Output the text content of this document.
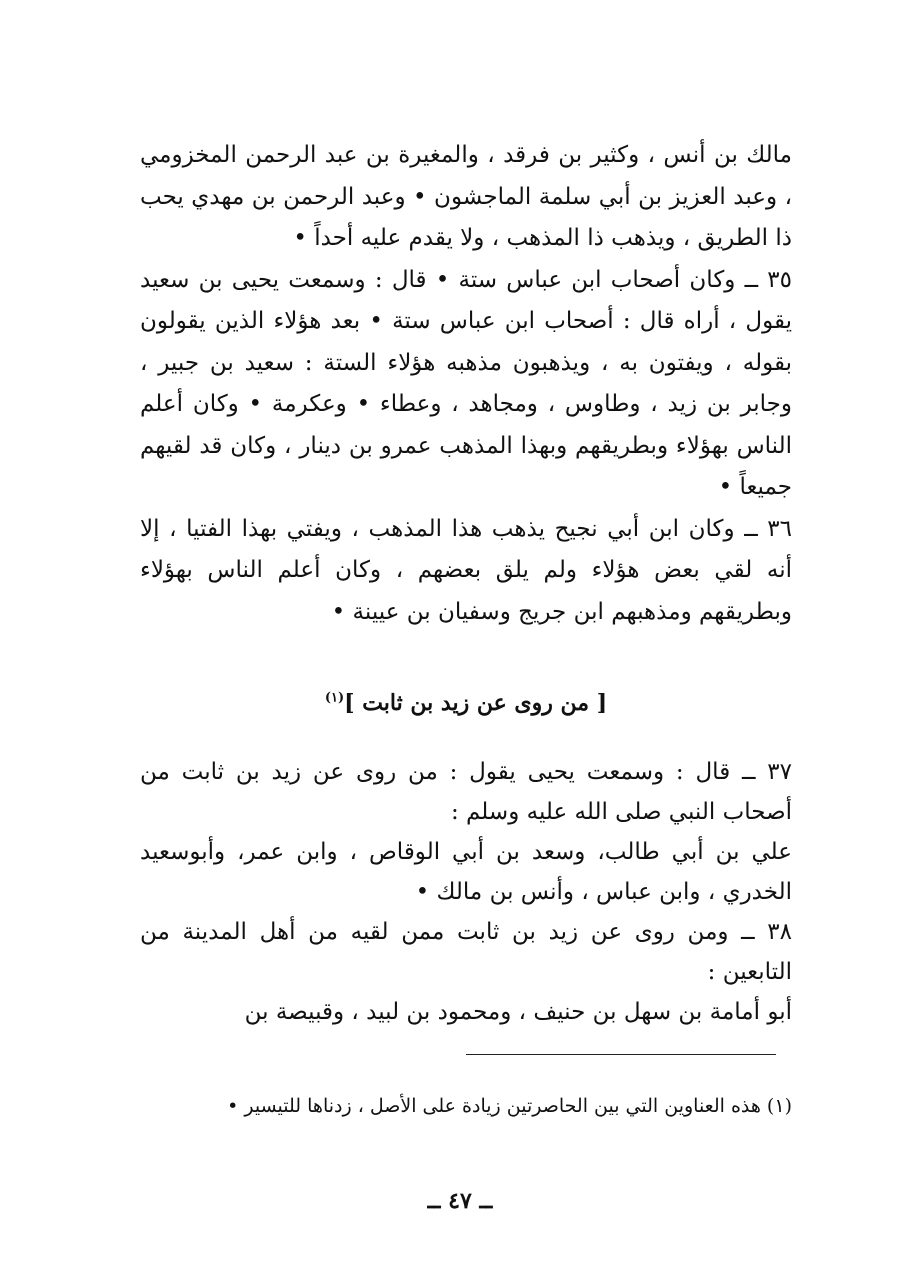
مالك بن أنس ، وكثير بن فرقد ، والمغيرة بن عبد الرحمن المخزومي ، وعبد العزيز بن أبي سلمة الماجشون • وعبد الرحمن بن مهدي يحب ذا الطريق ، ويذهب ذا المذهب ، ولا يقدم عليه أحداً •

٣٥ ــ وكان أصحاب ابن عباس ستة • قال : وسمعت يحيى بن سعيد يقول ، أراه قال : أصحاب ابن عباس ستة • بعد هؤلاء الذين يقولون بقوله ، ويفتون به ، ويذهبون مذهبه هؤلاء الستة : سعيد بن جبير ، وجابر بن زيد ، وطاوس ، ومجاهد ، وعطاء • وعكرمة • وكان أعلم الناس بهؤلاء وبطريقهم وبهذا المذهب عمرو بن دينار ، وكان قد لقيهم جميعاً •

٣٦ ــ وكان ابن أبي نجيح يذهب هذا المذهب ، ويفتي بهذا الفتيا ، إلا أنه لقي بعض هؤلاء ولم يلق بعضهم ، وكان أعلم الناس بهؤلاء وبطريقهم ومذهبهم ابن جريج وسفيان بن عيينة •

[ من روى عن زيد بن ثابت ]$^{(١)}$

٣٧ ــ قال : وسمعت يحيى يقول : من روى عن زيد بن ثابت من أصحاب النبي صلى الله عليه وسلم :

علي بن أبي طالب، وسعد بن أبي الوقاص ، وابن عمر، وأبوسعيد الخدري ، وابن عباس ، وأنس بن مالك •

٣٨ ــ ومن روى عن زيد بن ثابت ممن لقيه من أهل المدينة من التابعين :

أبو أمامة بن سهل بن حنيف ، ومحمود بن لبيد ، وقبيصة بن

(١) هذه العناوين التي بين الحاصرتين زيادة على الأصل ، زدناها للتيسير •
ــ ٤٧ ــ
